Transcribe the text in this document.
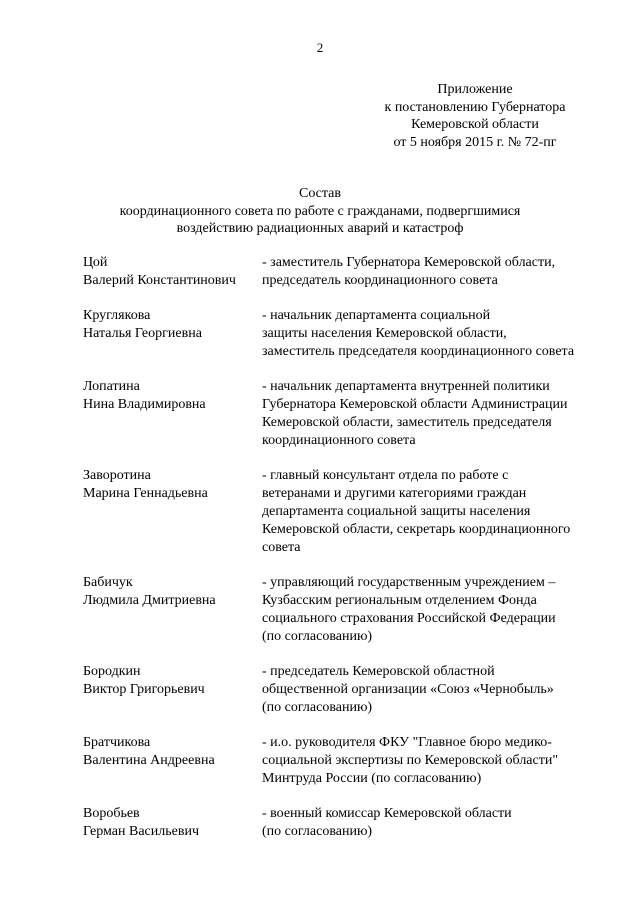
2
Приложение
к постановлению Губернатора
Кемеровской области
от 5 ноября 2015 г. № 72-пг
Состав
координационного совета по работе с гражданами, подвергшимися
воздействию радиационных аварий и катастроф
Цой
Валерий Константинович
- заместитель Губернатора Кемеровской области,
председатель координационного совета
Круглякова
Наталья Георгиевна
- начальник департамента социальной
защиты населения Кемеровской области,
заместитель председателя координационного совета
Лопатина
Нина Владимировна
- начальник департамента внутренней политики
Губернатора Кемеровской области Администрации
Кемеровской области, заместитель председателя
координационного совета
Заворотина
Марина Геннадьевна
- главный консультант отдела по работе с
ветеранами и другими категориями граждан
департамента социальной защиты населения
Кемеровской области, секретарь координационного
совета
Бабичук
Людмила Дмитриевна
- управляющий государственным учреждением –
Кузбасским региональным отделением Фонда
социального страхования Российской Федерации
(по согласованию)
Бородкин
Виктор Григорьевич
- председатель Кемеровской областной
общественной организации «Союз «Чернобыль»
(по согласованию)
Братчикова
Валентина Андреевна
- и.о. руководителя ФКУ "Главное бюро медико-
социальной экспертизы по Кемеровской области"
Минтруда России (по согласованию)
Воробьев
Герман Васильевич
- военный комиссар Кемеровской области
(по согласованию)
